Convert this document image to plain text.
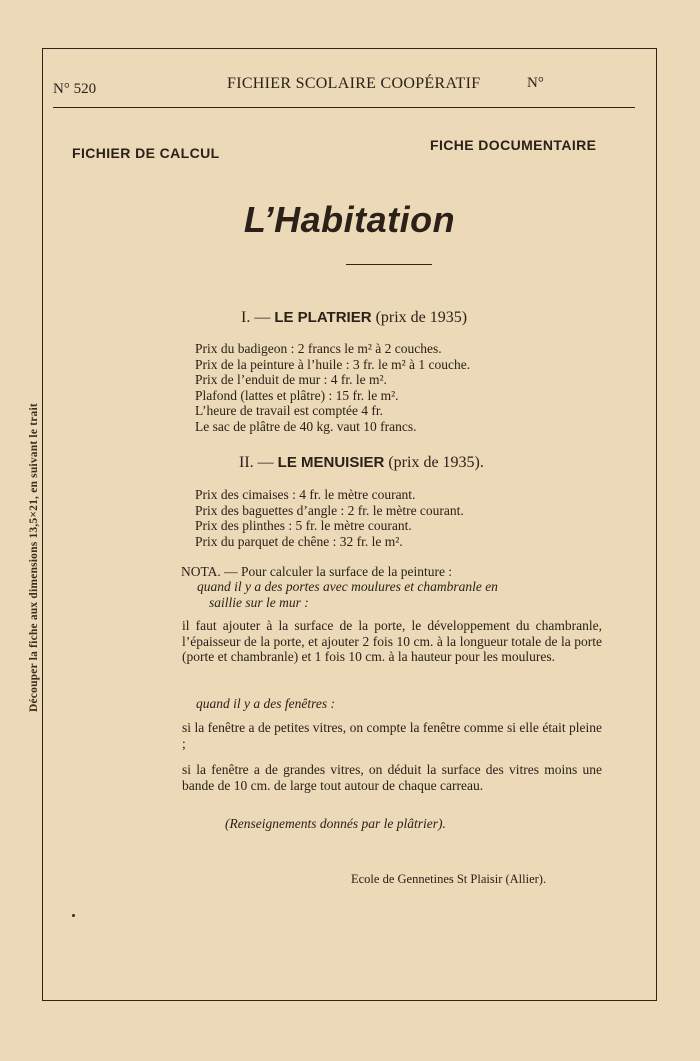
Découper la fiche aux dimensions 13,5×21, en suivant le trait
N° 520	FICHIER SCOLAIRE COOPÉRATIF	N°
FICHIER DE CALCUL	FICHE DOCUMENTAIRE
L’Habitation
I. — LE PLATRIER (prix de 1935)
Prix du badigeon : 2 francs le m² à 2 couches.
Prix de la peinture à l’huile : 3 fr. le m² à 1 couche.
Prix de l’enduit de mur : 4 fr. le m².
Plafond (lattes et plâtre) : 15 fr. le m².
L’heure de travail est comptée 4 fr.
Le sac de plâtre de 40 kg. vaut 10 francs.
II. — LE MENUISIER (prix de 1935).
Prix des cimaises : 4 fr. le mètre courant.
Prix des baguettes d’angle : 2 fr. le mètre courant.
Prix des plinthes : 5 fr. le mètre courant.
Prix du parquet de chêne : 32 fr. le m².
NOTA. — Pour calculer la surface de la peinture :
quand il y a des portes avec moulures et chambranle en
saillie sur le mur :
il faut ajouter à la surface de la porte, le développement du chambranle, l’épaisseur de la porte, et ajouter 2 fois 10 cm. à la longueur totale de la porte (porte et chambranle) et 1 fois 10 cm. à la hauteur pour les moulures.
quand il y a des fenêtres :
si la fenêtre a de petites vitres, on compte la fenêtre comme si elle était pleine ;
si la fenêtre a de grandes vitres, on déduit la surface des vitres moins une bande de 10 cm. de large tout autour de chaque carreau.
(Renseignements donnés par le plâtrier).
Ecole de Gennetines St Plaisir (Allier).
